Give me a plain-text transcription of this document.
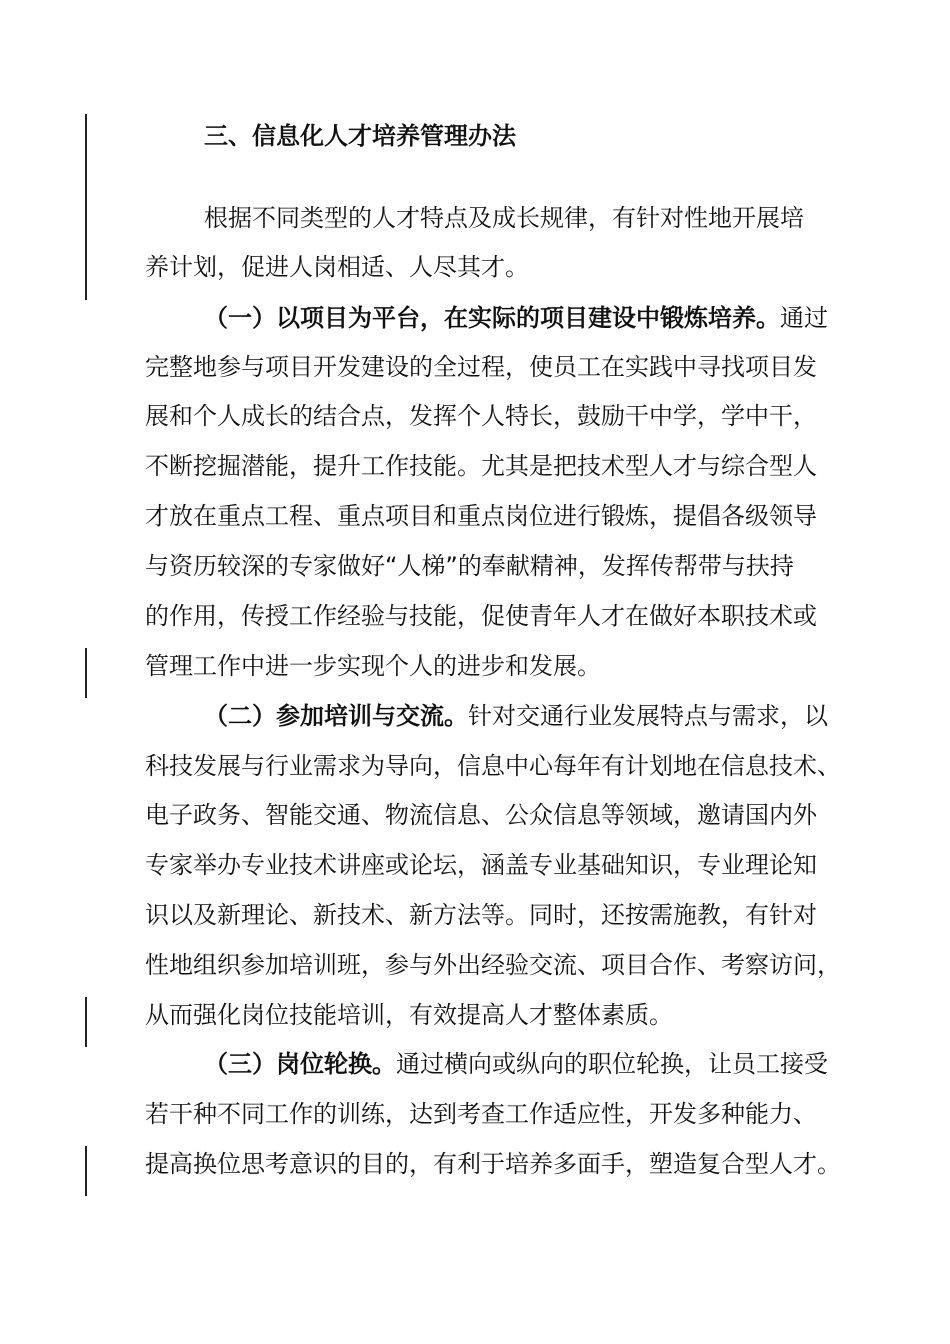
三、信息化人才培养管理办法
根据不同类型的人才特点及成长规律，有针对性地开展培
养计划，促进人岗相适、人尽其才。
（一）以项目为平台，在实际的项目建设中锻炼培养。通过
完整地参与项目开发建设的全过程，使员工在实践中寻找项目发
展和个人成长的结合点，发挥个人特长，鼓励干中学，学中干，
不断挖掘潜能，提升工作技能。尤其是把技术型人才与综合型人
才放在重点工程、重点项目和重点岗位进行锻炼，提倡各级领导
与资历较深的专家做好“人梯”的奉献精神，发挥传帮带与扶持
的作用，传授工作经验与技能，促使青年人才在做好本职技术或
管理工作中进一步实现个人的进步和发展。
（二）参加培训与交流。针对交通行业发展特点与需求，以
科技发展与行业需求为导向，信息中心每年有计划地在信息技术、
电子政务、智能交通、物流信息、公众信息等领域，邀请国内外
专家举办专业技术讲座或论坛，涵盖专业基础知识，专业理论知
识以及新理论、新技术、新方法等。同时，还按需施教，有针对
性地组织参加培训班，参与外出经验交流、项目合作、考察访问，
从而强化岗位技能培训，有效提高人才整体素质。
（三）岗位轮换。通过横向或纵向的职位轮换，让员工接受
若干种不同工作的训练，达到考查工作适应性，开发多种能力、
提高换位思考意识的目的，有利于培养多面手，塑造复合型人才。
